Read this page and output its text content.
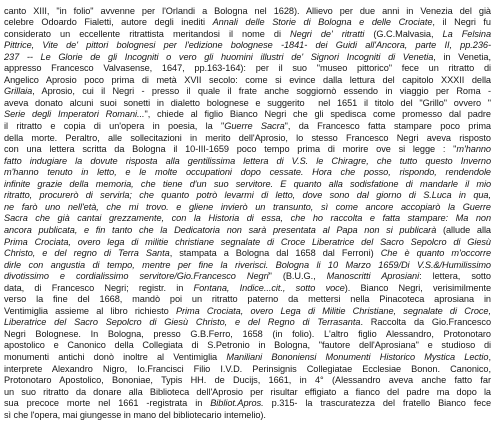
canto XIII, "in folio" avvenne per l'Orlandi a Bologna nel 1628). Allievo per due anni in Venezia del già
celebre Odoardo Fialetti, autore degli inediti Annali delle Storie di Bologna e delle Crociate, il Negri fu
considerato un eccellente ritrattista meritandosi il nome di Negri de' ritratti (G.C.Malvasia, La Felsina
Pittrice, Vite de' pittori bolognesi per l'edizione bolognese -1841- dei Guidi all'Ancora, parte II, pp.236-
237 -- Le Glorie de gli Incogniti o vero gli huomini illustri de' Signori Incogniti di Venetia, in Venetia,
appresso Francesco Valvasense, 1647, pp.163-164): per il suo "museo pittorico" fece un ritratto di
Angelico Aprosio poco prima di metà XVII secolo: come si evince dalla lettura del capitolo XXXII della
Grillaia, Aprosio, cui il Negri - presso il quale il frate anche soggiornò essendo in viaggio per Roma -
aveva donato alcuni suoi sonetti in dialetto bolognese e suggerito  nel 1651 il titolo del "Grillo" ovvero "
Serie degli Imperatori Romani...", chiede al figlio Bianco Negri che gli spedisca come promesso dal padre
il ritratto e copia di un'opera in poesia, la "Guerre Sacra", da Francesco fatta stampare poco prima
della morte. Peraltro, alle sollecitazioni in merito dell'Aprosio, lo stesso Francesco Negri aveva risposto
con una lettera scritta da Bologna il 10-III-1659 poco tempo prima di morire ove si legge : "m'hanno
fatto indugiare la dovute risposta alla gentilissima lettera di V.S. le Chiragre, che tutto questo Inverno
m'hanno tenuto in letto, e le molte occupationi dopo cessate. Hora che posso, rispondo, rendendole
infinite grazie della memoria, che tiene d'un suo servitore. E quanto alla sodisfatione di mandarle il mio
ritratto, procurerò di servirla; che quanto potrò levarmi di letto, dove sono dal giorno di S.Luca in qua,
ne farò uno nell'età, che mi trovo. e gliene invierò un transunto, sì come ancore accopiarò la Guerre
Sacra che già cantai grezzamente, con la Historia di essa, che ho raccolta e fatta stampare: Ma non
ancora publicata, e fin tanto che la Dedicatoria non sarà presentata al Papa non si publicarà (allude alla
Prima Crociata, overo lega di militie christiane segnalate di Croce Liberatrice del Sacro Sepolcro di Giesù
Christo, e del regno di Terra Santa, stampata a Bologna dal 1658 dal Ferroni) Che è quanto m'occorre
dirle con angustia di tempo, mentre per fine la riverisci. Bologna li 10 Marzo 1659/Di V.S.&/Humilissimo
divotissimo e cordialissimo servitore/Gio.Francesco Negri" (B.U.G., Manoscritti Aprosiani: lettera, sotto
data, di Francesco Negri; registr. in Fontana, Indice...cit., sotto voce). Bianco Negri, verisimilmente
verso la fine del 1668, mandò poi un ritratto paterno da mettersi nella Pinacoteca aprosiana in
Ventimiglia assieme al libro richiesto Prima Crociata, overo Lega di Militie Christiane, segnalate di Croce,
Liberatrice del Sacro Sepolcro di Giesù Christo, e del Regno di Terrasanta. Raccolta da Gio.Francesco
Negri Bolognese. In Bologna, presso G.B.Ferro, 1658 (in folio). L'altro figlio Alessandro, Protonotaro
apostolico e Canonico della Collegiata di S.Petronio in Bologna, "fautore dell'Aprosiana" e studioso di
monumenti antichi donò inoltre al Ventimiglia Maniliani Bononiensi Monumenti Historico Mystica Lectio,
interprete Alexandro Nigro, Io.Francisci Filio I.V.D. Perinsignis Collegiatae Ecclesiae Bonon. Canonico,
Protonotaro Apostolico, Bononiae, Typis HH. de Ducijs, 1661, in 4° (Alessandro aveva anche fatto far
un suo ritratto da donare alla Biblioteca dell'Aprosio per risultar effigiato a fianco del padre ma dopo la
sua precoce morte nel 1661 -registrata in Bibliot.Apros. p.315- la trascuratezza del fratello Bianco fece
sì che l'opera, mai giungesse in mano del bibliotecario intemelio).
